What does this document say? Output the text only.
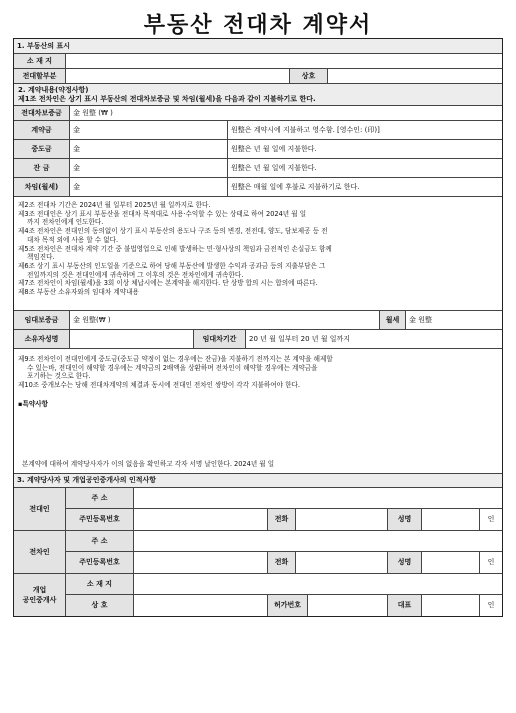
부동산 전대차 계약서
1. 부동산의 표시
소 재 지
전대할부분	상호

2. 계약내용(약정사항)

제1조 전차인은 상기 표시 부동산의 전대차보증금 및 차임(월세)을 다음과 같이 지불하기로 한다.

전대차보증금	金 원整 (₩ )
계약금	金	원整은 계약시에 지불하고 영수함. [영수인: (印)]
중도금	金	원整은 년 월 일에 지불한다.
잔 금	金	원整은 년 월 일에 지불한다.
차임(월세)	金	원整은 매월 일에 후불로 지불하기로 한다.

제2조 전대차 기간은 2024년 월 일부터 2025년 월 일까지로 한다.

제3조 전대인은 상기 표시 부동산을 전대차 목적대로 사용·수익할 수 있는 상태로 하여 2024년 월 일

까지 전차인에게 인도한다.

제4조 전차인은 전대인의 동의없이 상기 표시 부동산의 용도나 구조 등의 변경, 전전대, 양도, 담보제공 등 전

대차 목적 외에 사용 할 수 없다.

제5조 전차인은 전대차 계약 기간 중 불법영업으로 인해 발생하는 민·형사상의 책임과 금전적인 손실금도 함께

책임진다.

제6조 상기 표시 부동산의 인도일을 기준으로 하여 당해 부동산에 발생한 수익과 공과금 등의 지출부담은 그

전일까지의 것은 전대인에게 귀속하며 그 이후의 것은 전차인에게 귀속한다.

제7조 전차인이 차임(월세)을 3회 이상 체납시에는 본계약을 해지한다. 단 상방 합의 시는 합의에 따른다.

제8조 부동산 소유자와의 임대차 계약내용

임대보증금	金 원整(₩ )	월세	金 원整
소유자성명	임대차기간	20 년 월 일부터 20 년 월 일까지

제9조 전차인이 전대인에게 중도금(중도금 약정이 없는 경우에는 잔금)을 지불하기 전까지는 본 계약을 해제할

수 있는바, 전대인이 해약할 경우에는 계약금의 2배액을 상환하며 전차인이 해약할 경우에는 계약금을

포기하는 것으로 한다.

제10조 중개보수는 당해 전대차계약의 체결과 동시에 전대인 전차인 쌍방이 각각 지불하여야 한다.

▪특약사항

본계약에 대하여 계약당사자가 이의 없음을 확인하고 각자 서명 날인한다. 2024년 월 일

3. 계약당사자 및 개업공인중개사의 인적사항
전대인
주 소
주민등록번호	전화	성명	인
전차인
주 소
주민등록번호	전화	성명	인
개업
공인중개사
소 재 지
상 호	허가번호	대표	인
